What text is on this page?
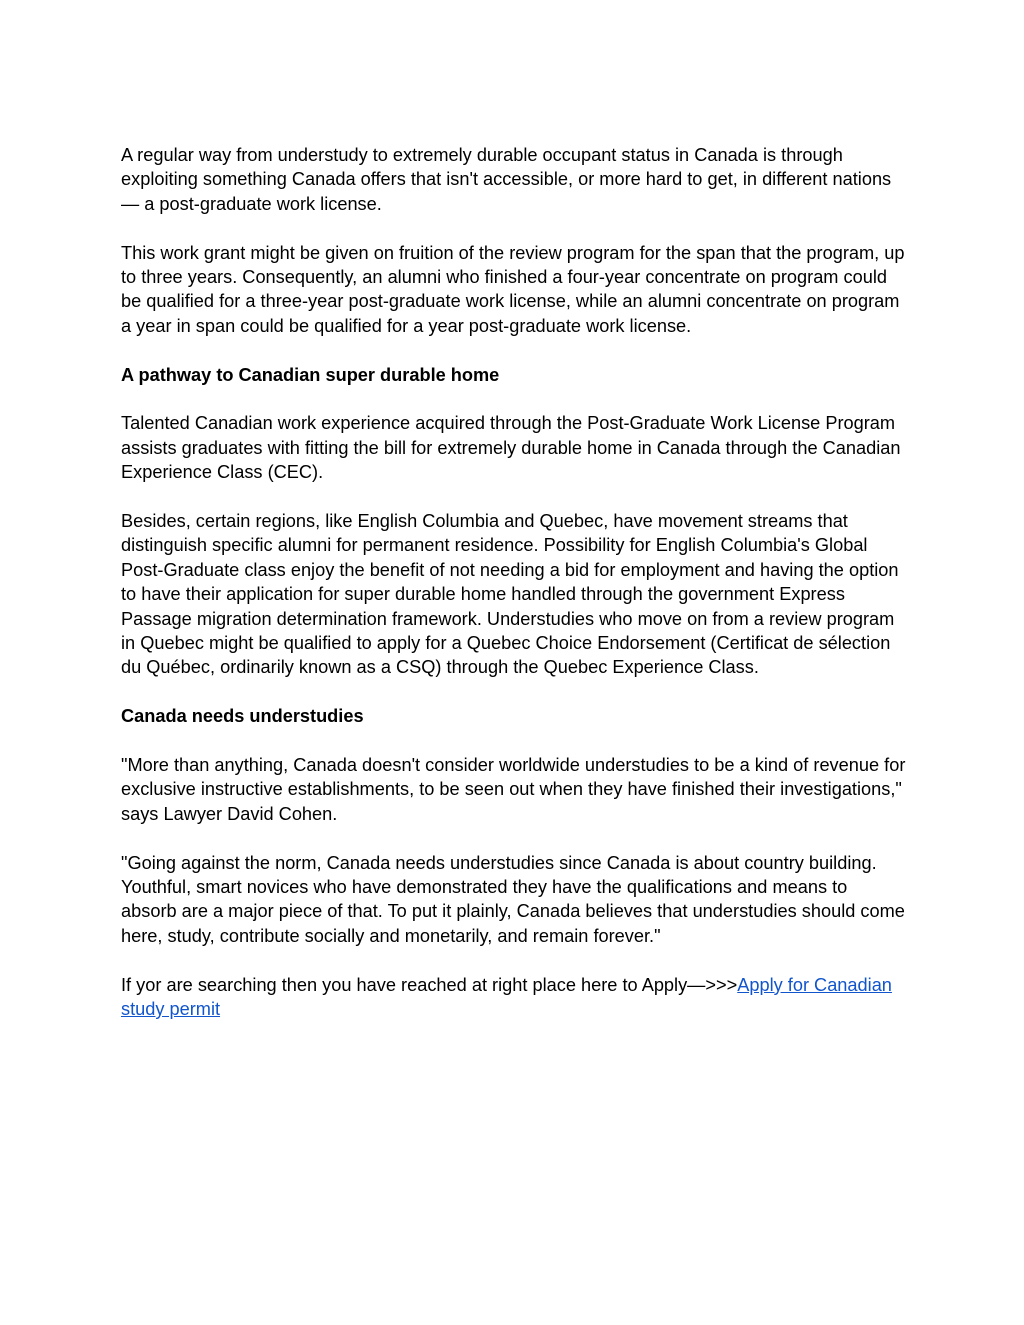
A regular way from understudy to extremely durable occupant status in Canada is through exploiting something Canada offers that isn't accessible, or more hard to get, in different nations — a post-graduate work license.

This work grant might be given on fruition of the review program for the span that the program, up to three years. Consequently, an alumni who finished a four-year concentrate on program could be qualified for a three-year post-graduate work license, while an alumni concentrate on program a year in span could be qualified for a year post-graduate work license.

A pathway to Canadian super durable home

Talented Canadian work experience acquired through the Post-Graduate Work License Program assists graduates with fitting the bill for extremely durable home in Canada through the Canadian Experience Class (CEC).

Besides, certain regions, like English Columbia and Quebec, have movement streams that distinguish specific alumni for permanent residence. Possibility for English Columbia's Global Post-Graduate class enjoy the benefit of not needing a bid for employment and having the option to have their application for super durable home handled through the government Express Passage migration determination framework. Understudies who move on from a review program in Quebec might be qualified to apply for a Quebec Choice Endorsement (Certificat de sélection du Québec, ordinarily known as a CSQ) through the Quebec Experience Class.

Canada needs understudies

"More than anything, Canada doesn't consider worldwide understudies to be a kind of revenue for exclusive instructive establishments, to be seen out when they have finished their investigations," says Lawyer David Cohen.

"Going against the norm, Canada needs understudies since Canada is about country building. Youthful, smart novices who have demonstrated they have the qualifications and means to absorb are a major piece of that. To put it plainly, Canada believes that understudies should come here, study, contribute socially and monetarily, and remain forever."

If yor are searching then you have reached at right place here to Apply—>>>Apply for Canadian study permit
